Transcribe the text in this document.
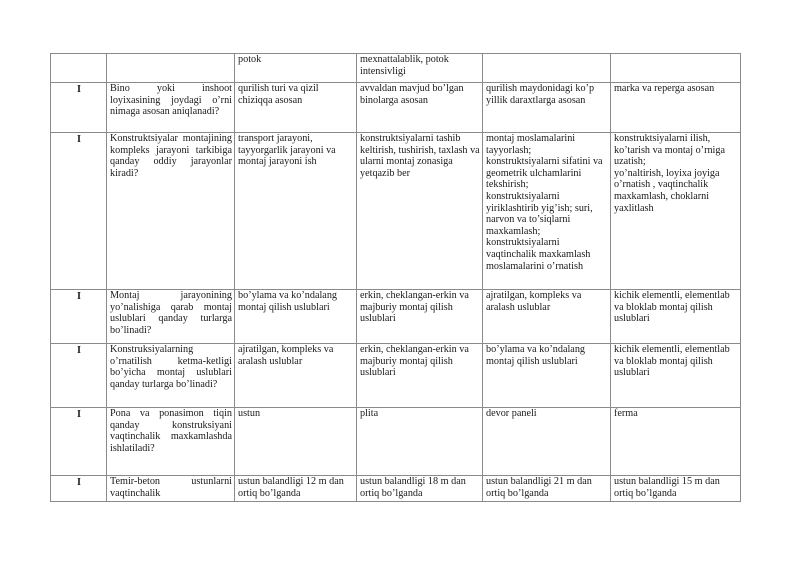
		potok	mexnattalablik, potok intensivligi		

I	Bino yoki inshoot loyixasining joydagi o’rni nimaga asosan aniqlanadi?	qurilish turi va qizil chiziqqa asosan	avvaldan mavjud bo’lgan binolarga asosan	qurilish maydonidagi ko’p yillik daraxtlarga asosan	marka va reperga asosan

I	Konstruktsiyalar montajining kompleks jarayoni tarkibiga qanday oddiy jarayonlar kiradi?	transport jarayoni, tayyorgarlik jarayoni va montaj jarayoni ish	konstruktsiyalarni tashib keltirish, tushirish, taxlash va ularni montaj zonasiga yetqazib ber	montaj moslamalarini tayyorlash;
konstruktsiyalarni sifatini va geometrik ulchamlarini tekshirish;
konstruktsiyalarni yiriklashtirib yig’ish; suri, narvon va to’siqlarni maxkamlash;
konstruktsiyalarni vaqtinchalik maxkamlash moslamalarini o’rnatish	konstruktsiyalarni ilish, ko’tarish va montaj o’rniga uzatish;
yo’naltirish, loyixa joyiga o’rnatish , vaqtinchalik maxkamlash, choklarni yaxlitlash

I	Montaj jarayonining yo’nalishiga qarab montaj uslublari qanday turlarga bo’linadi?	bo’ylama va ko’ndalang montaj qilish uslublari	erkin, cheklangan-erkin va majburiy montaj qilish uslublari	ajratilgan, kompleks va aralash uslublar	kichik elementli, elementlab va bloklab montaj qilish uslublari

I	Konstruksiyalarning o’rnatilish ketma-ketligi bo’yicha montaj uslublari qanday turlarga bo’linadi?	ajratilgan, kompleks va aralash uslublar	erkin, cheklangan-erkin va majburiy montaj qilish uslublari	bo’ylama va ko’ndalang montaj qilish uslublari	kichik elementli, elementlab va bloklab montaj qilish uslublari

I	Pona va ponasimon tiqin qanday konstruksiyani vaqtinchalik maxkamlashda ishlatiladi?	ustun	plita	devor paneli	ferma

I	Temir-beton ustunlarni vaqtinchalik	ustun balandligi 12 m dan ortiq bo’lganda	ustun balandligi 18 m dan ortiq bo’lganda	ustun balandligi 21 m dan ortiq bo’lganda	ustun balandligi 15 m dan ortiq bo’lganda
